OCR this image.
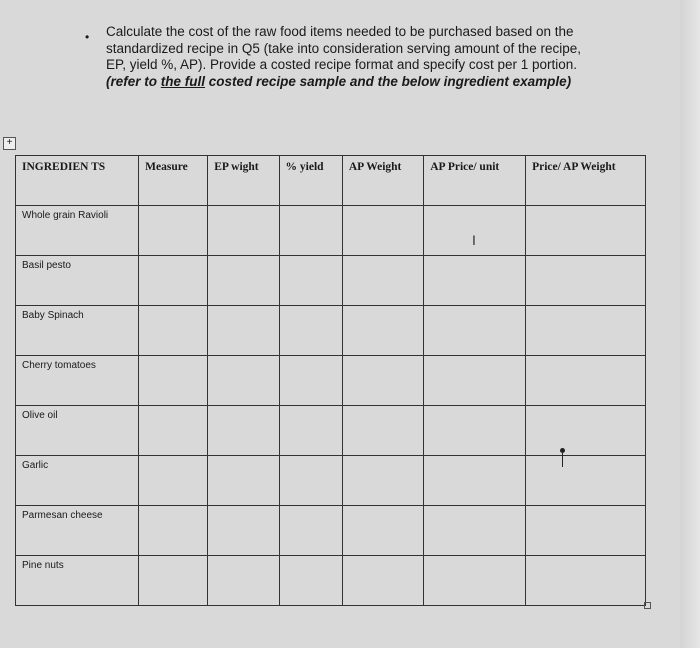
• Calculate the cost of the raw food items needed to be purchased based on the standardized recipe in Q5 (take into consideration serving amount of the recipe, EP, yield %, AP). Provide a costed recipe format and specify cost per 1 portion. (refer to the full costed recipe sample and the below ingredient example)
+
INGREDIEN TS	Measure	EP wight	% yield	AP Weight	AP Price/ unit	Price/ AP Weight
Whole grain Ravioli						
Basil pesto						
Baby Spinach						
Cherry tomatoes						
Olive oil						
Garlic						
Parmesan cheese						
Pine nuts						
I
